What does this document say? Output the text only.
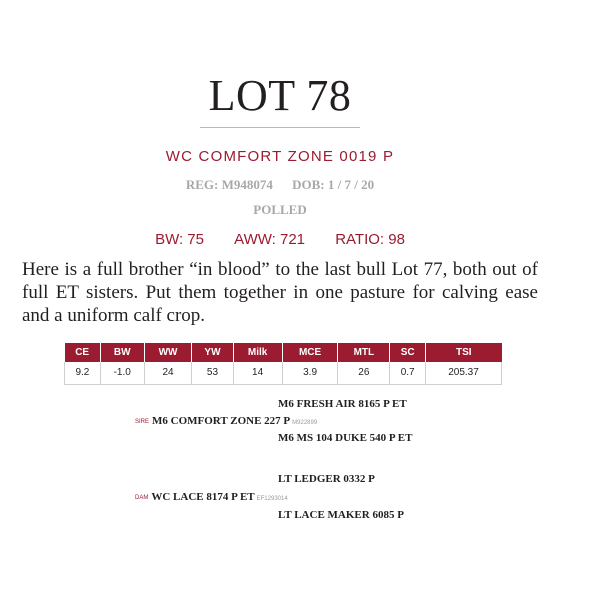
LOT 78
WC COMFORT ZONE 0019 P
REG: M948074 DOB: 1 / 7 / 20
POLLED
BW: 75 AWW: 721 RATIO: 98
Here is a full brother “in blood” to the last bull Lot 77, both out of full ET sisters. Put them together in one pasture for calving ease and a uniform calf crop.
CE	BW	WW	YW	Milk	MCE	MTL	SC	TSI
9.2	-1.0	24	53	14	3.9	26	0.7	205.37
M6 FRESH AIR 8165 P ET
SIRE M6 COMFORT ZONE 227 P M922899
M6 MS 104 DUKE 540 P ET
LT LEDGER 0332 P
DAM WC LACE 8174 P ET EF1293014
LT LACE MAKER 6085 P
